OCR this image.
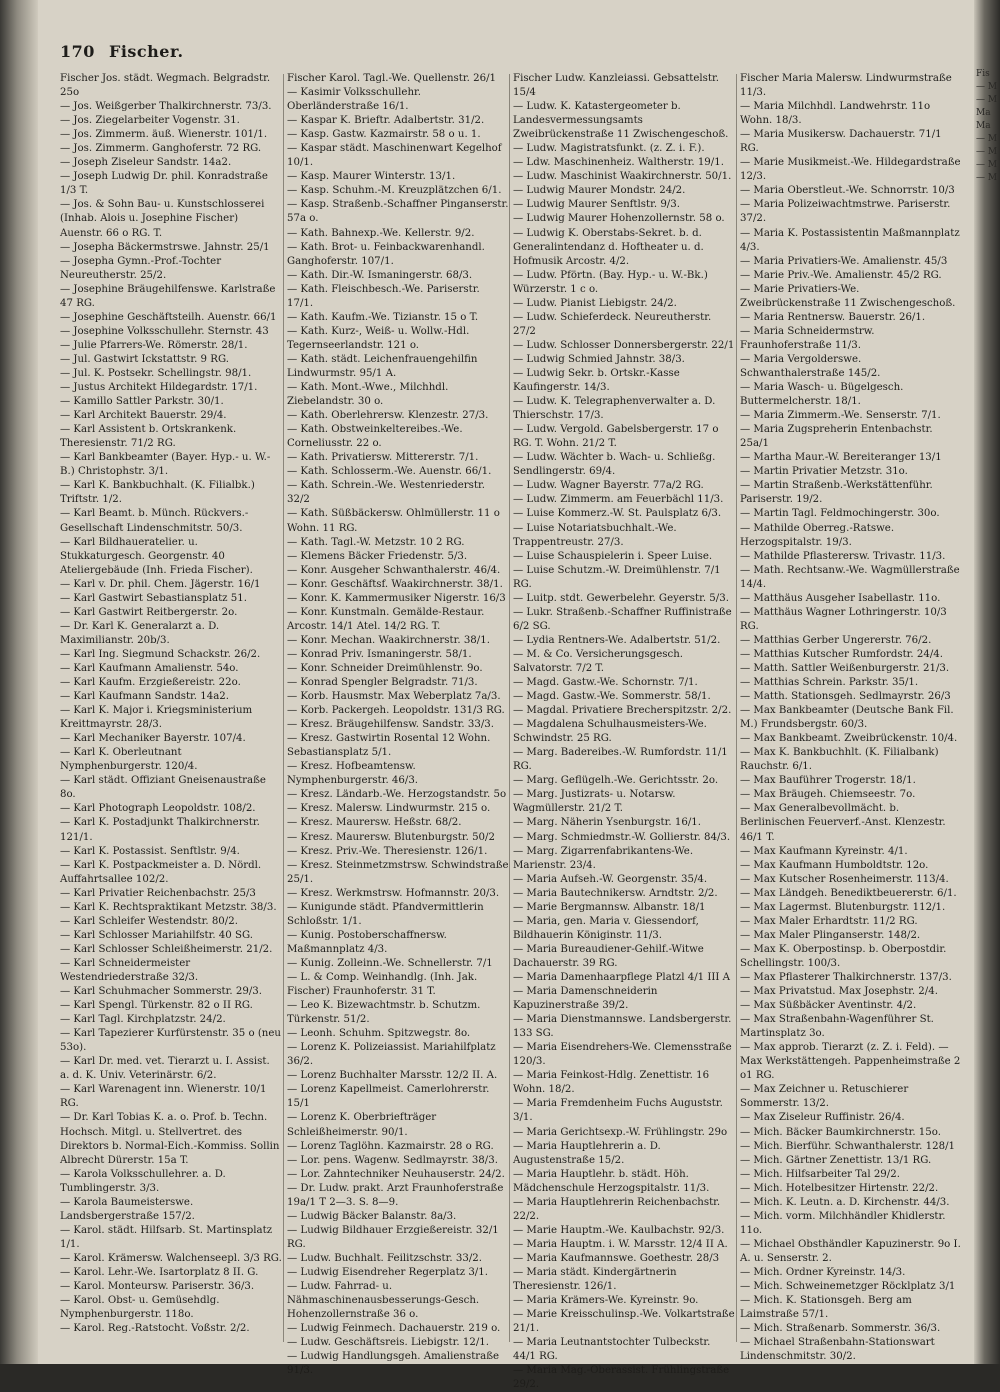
Fis
— M
— M
Ma
Ma
— M
— M
— M
— M
170 Fischer.

Fischer Jos. städt. Wegmach. Belgradstr. 25o

— Jos. Weißgerber Thalkirchnerstr. 73/3.

— Jos. Ziegelarbeiter Vogenstr. 31.

— Jos. Zimmerm. äuß. Wienerstr. 101/1.

— Jos. Zimmerm. Ganghoferstr. 72 RG.

— Joseph Ziseleur Sandstr. 14a2.

— Joseph Ludwig Dr. phil. Konradstraße 1/3 T.

— Jos. & Sohn Bau- u. Kunstschlosserei (Inhab. Alois u. Josephine Fischer) Auenstr. 66 o RG. T.

— Josepha Bäckermstrswe. Jahnstr. 25/1

— Josepha Gymn.-Prof.-Tochter Neureutherstr. 25/2.

— Josephine Bräugehilfenswe. Karlstraße 47 RG.

— Josephine Geschäftsteilh. Auenstr. 66/1

— Josephine Volksschullehr. Sternstr. 43

— Julie Pfarrers-We. Römerstr. 28/1.

— Jul. Gastwirt Ickstattstr. 9 RG.

— Jul. K. Postsekr. Schellingstr. 98/1.

— Justus Architekt Hildegardstr. 17/1.

— Kamillo Sattler Parkstr. 30/1.

— Karl Architekt Bauerstr. 29/4.

— Karl Assistent b. Ortskrankenk. Theresienstr. 71/2 RG.

— Karl Bankbeamter (Bayer. Hyp.- u. W.-B.) Christophstr. 3/1.

— Karl K. Bankbuchhalt. (K. Filialbk.) Triftstr. 1/2.

— Karl Beamt. b. Münch. Rückvers.-Gesellschaft Lindenschmitstr. 50/3.

— Karl Bildhaueratelier. u. Stukkaturgesch. Georgenstr. 40 Ateliergebäude (Inh. Frieda Fischer).

— Karl v. Dr. phil. Chem. Jägerstr. 16/1

— Karl Gastwirt Sebastiansplatz 51.

— Karl Gastwirt Reitbergerstr. 2o.

— Dr. Karl K. Generalarzt a. D. Maximilianstr. 20b/3.

— Karl Ing. Siegmund Schackstr. 26/2.

— Karl Kaufmann Amalienstr. 54o.

— Karl Kaufm. Erzgießereistr. 22o.

— Karl Kaufmann Sandstr. 14a2.

— Karl K. Major i. Kriegsministerium Kreittmayrstr. 28/3.

— Karl Mechaniker Bayerstr. 107/4.

— Karl K. Oberleutnant Nymphenburgerstr. 120/4.

— Karl städt. Offiziant Gneisenaustraße 8o.

— Karl Photograph Leopoldstr. 108/2.

— Karl K. Postadjunkt Thalkirchnerstr. 121/1.

— Karl K. Postassist. Senftlstr. 9/4.

— Karl K. Postpackmeister a. D. Nördl. Auffahrtsallee 102/2.

— Karl Privatier Reichenbachstr. 25/3

— Karl K. Rechtspraktikant Metzstr. 38/3.

— Karl Schleifer Westendstr. 80/2.

— Karl Schlosser Mariahilfstr. 40 SG.

— Karl Schlosser Schleißheimerstr. 21/2.

— Karl Schneidermeister Westendriederstraße 32/3.

— Karl Schuhmacher Sommerstr. 29/3.

— Karl Spengl. Türkenstr. 82 o II RG.

— Karl Tagl. Kirchplatzstr. 24/2.

— Karl Tapezierer Kurfürstenstr. 35 o (neu 53o).

— Karl Dr. med. vet. Tierarzt u. I. Assist. a. d. K. Univ. Veterinärstr. 6/2.

— Karl Warenagent inn. Wienerstr. 10/1 RG.

— Dr. Karl Tobias K. a. o. Prof. b. Techn. Hochsch. Mitgl. u. Stellvertret. des Direktors b. Normal-Eich.-Kommiss. Sollin Albrecht Dürerstr. 15a T.

— Karola Volksschullehrer. a. D. Tumblingerstr. 3/3.

— Karola Baumeisterswe. Landsbergerstraße 157/2.

— Karol. städt. Hilfsarb. St. Martinsplatz 1/1.

— Karol. Krämersw. Walchenseepl. 3/3 RG.

— Karol. Lehr.-We. Isartorplatz 8 II. G.

— Karol. Monteursw. Pariserstr. 36/3.

— Karol. Obst- u. Gemüsehdlg. Nymphenburgerstr. 118o.

— Karol. Reg.-Ratstocht. Voßstr. 2/2.

Fischer Karol. Tagl.-We. Quellenstr. 26/1

— Kasimir Volksschullehr. Oberländerstraße 16/1.

— Kaspar K. Brieftr. Adalbertstr. 31/2.

— Kasp. Gastw. Kazmairstr. 58 o u. 1.

— Kaspar städt. Maschinenwart Kegelhof 10/1.

— Kasp. Maurer Winterstr. 13/1.

— Kasp. Schuhm.-M. Kreuzplätzchen 6/1.

— Kasp. Straßenb.-Schaffner Pinganserstr. 57a o.

— Kath. Bahnexp.-We. Kellerstr. 9/2.

— Kath. Brot- u. Feinbackwarenhandl. Ganghoferstr. 107/1.

— Kath. Dir.-W. Ismaningerstr. 68/3.

— Kath. Fleischbesch.-We. Pariserstr. 17/1.

— Kath. Kaufm.-We. Tizianstr. 15 o T.

— Kath. Kurz-, Weiß- u. Wollw.-Hdl. Tegernseerlandstr. 121 o.

— Kath. städt. Leichenfrauengehilfin Lindwurmstr. 95/1 A.

— Kath. Mont.-Wwe., Milchhdl. Ziebelandstr. 30 o.

— Kath. Oberlehrersw. Klenzestr. 27/3.

— Kath. Obstweinkeltereibes.-We. Corneliusstr. 22 o.

— Kath. Privatiersw. Mittererstr. 7/1.

— Kath. Schlosserm.-We. Auenstr. 66/1.

— Kath. Schrein.-We. Westenriederstr. 32/2

— Kath. Süßbäckersw. Ohlmüllerstr. 11 o Wohn. 11 RG.

— Kath. Tagl.-W. Metzstr. 10 2 RG.

— Klemens Bäcker Friedenstr. 5/3.

— Konr. Ausgeher Schwanthalerstr. 46/4.

— Konr. Geschäftsf. Waakirchnerstr. 38/1.

— Konr. K. Kammermusiker Nigerstr. 16/3

— Konr. Kunstmaln. Gemälde-Restaur. Arcostr. 14/1 Atel. 14/2 RG. T.

— Konr. Mechan. Waakirchnerstr. 38/1.

— Konrad Priv. Ismaningerstr. 58/1.

— Konr. Schneider Dreimühlenstr. 9o.

— Konrad Spengler Belgradstr. 71/3.

— Korb. Hausmstr. Max Weberplatz 7a/3.

— Korb. Packergeh. Leopoldstr. 131/3 RG.

— Kresz. Bräugehilfensw. Sandstr. 33/3.

— Kresz. Gastwirtin Rosental 12 Wohn. Sebastiansplatz 5/1.

— Kresz. Hofbeamtensw. Nymphenburgerstr. 46/3.

— Kresz. Ländarb.-We. Herzogstandstr. 5o

— Kresz. Malersw. Lindwurmstr. 215 o.

— Kresz. Maurersw. Heßstr. 68/2.

— Kresz. Maurersw. Blutenburgstr. 50/2

— Kresz. Priv.-We. Theresienstr. 126/1.

— Kresz. Steinmetzmstrsw. Schwindstraße 25/1.

— Kresz. Werkmstrsw. Hofmannstr. 20/3.

— Kunigunde städt. Pfandvermittlerin Schloßstr. 1/1.

— Kunig. Postoberschaffnersw. Maßmannplatz 4/3.

— Kunig. Zolleinn.-We. Schnellerstr. 7/1

— L. & Comp. Weinhandlg. (Inh. Jak. Fischer) Fraunhoferstr. 31 T.

— Leo K. Bizewachtmstr. b. Schutzm. Türkenstr. 51/2.

— Leonh. Schuhm. Spitzwegstr. 8o.

— Lorenz K. Polizeiassist. Mariahilfplatz 36/2.

— Lorenz Buchhalter Marsstr. 12/2 II. A.

— Lorenz Kapellmeist. Camerlohrerstr. 15/1

— Lorenz K. Oberbriefträger Schleißheimerstr. 90/1.

— Lorenz Taglöhn. Kazmairstr. 28 o RG.

— Lor. pens. Wagenw. Sedlmayrstr. 38/3.

— Lor. Zahntechniker Neuhauserstr. 24/2.

— Dr. Ludw. prakt. Arzt Fraunhoferstraße 19a/1 T 2—3. S. 8—9.

— Ludwig Bäcker Balanstr. 8a/3.

— Ludwig Bildhauer Erzgießereistr. 32/1 RG.

— Ludw. Buchhalt. Feilitzschstr. 33/2.

— Ludwig Eisendreher Regerplatz 3/1.

— Ludw. Fahrrad- u. Nähmaschinenausbesserungs-Gesch. Hohenzollernstraße 36 o.

— Ludwig Feinmech. Dachauerstr. 219 o.

— Ludw. Geschäftsreis. Liebigstr. 12/1.

— Ludwig Handlungsgeh. Amalienstraße 91/3.

Fischer Ludw. Kanzleiassi. Gebsattelstr. 15/4

— Ludw. K. Katastergeometer b. Landesvermessungsamts Zweibrückenstraße 11 Zwischengeschoß.

— Ludw. Magistratsfunkt. (z. Z. i. F.).

— Ldw. Maschinenheiz. Waltherstr. 19/1.

— Ludw. Maschinist Waakirchnerstr. 50/1.

— Ludwig Maurer Mondstr. 24/2.

— Ludwig Maurer Senftlstr. 9/3.

— Ludwig Maurer Hohenzollernstr. 58 o.

— Ludwig K. Oberstabs-Sekret. b. d. Generalintendanz d. Hoftheater u. d. Hofmusik Arcostr. 4/2.

— Ludw. Pförtn. (Bay. Hyp.- u. W.-Bk.) Würzerstr. 1 c o.

— Ludw. Pianist Liebigstr. 24/2.

— Ludw. Schieferdeck. Neureutherstr. 27/2

— Ludw. Schlosser Donnersbergerstr. 22/1

— Ludwig Schmied Jahnstr. 38/3.

— Ludwig Sekr. b. Ortskr.-Kasse Kaufingerstr. 14/3.

— Ludw. K. Telegraphenverwalter a. D. Thierschstr. 17/3.

— Ludw. Vergold. Gabelsbergerstr. 17 o RG. T. Wohn. 21/2 T.

— Ludw. Wächter b. Wach- u. Schließg. Sendlingerstr. 69/4.

— Ludw. Wagner Bayerstr. 77a/2 RG.

— Ludw. Zimmerm. am Feuerbächl 11/3.

— Luise Kommerz.-W. St. Paulsplatz 6/3.

— Luise Notariatsbuchhalt.-We. Trappentreustr. 27/3.

— Luise Schauspielerin i. Speer Luise.

— Luise Schutzm.-W. Dreimühlenstr. 7/1 RG.

— Luitp. stdt. Gewerbelehr. Geyerstr. 5/3.

— Lukr. Straßenb.-Schaffner Ruffinistraße 6/2 SG.

— Lydia Rentners-We. Adalbertstr. 51/2.

— M. & Co. Versicherungsgesch. Salvatorstr. 7/2 T.

— Magd. Gastw.-We. Schornstr. 7/1.

— Magd. Gastw.-We. Sommerstr. 58/1.

— Magdal. Privatiere Brecherspitzstr. 2/2.

— Magdalena Schulhausmeisters-We. Schwindstr. 25 RG.

— Marg. Badereibes.-W. Rumfordstr. 11/1 RG.

— Marg. Geflügelh.-We. Gerichtsstr. 2o.

— Marg. Justizrats- u. Notarsw. Wagmüllerstr. 21/2 T.

— Marg. Näherin Ysenburgstr. 16/1.

— Marg. Schmiedmstr.-W. Gollierstr. 84/3.

— Marg. Zigarrenfabrikantens-We. Marienstr. 23/4.

— Maria Aufseh.-W. Georgenstr. 35/4.

— Maria Bautechnikersw. Arndtstr. 2/2.

— Marie Bergmannsw. Albanstr. 18/1

— Maria, gen. Maria v. Giessendorf, Bildhauerin Königinstr. 11/3.

— Maria Bureaudiener-Gehilf.-Witwe Dachauerstr. 39 RG.

— Maria Damenhaarpflege Platzl 4/1 III A

— Maria Damenschneiderin Kapuzinerstraße 39/2.

— Maria Dienstmannswe. Landsbergerstr. 133 SG.

— Maria Eisendrehers-We. Clemensstraße 120/3.

— Maria Feinkost-Hdlg. Zenettistr. 16 Wohn. 18/2.

— Maria Fremdenheim Fuchs Auguststr. 3/1.

— Maria Gerichtsexp.-W. Frühlingstr. 29o

— Maria Hauptlehrerin a. D. Augustenstraße 15/2.

— Maria Hauptlehr. b. städt. Höh. Mädchenschule Herzogspitalstr. 11/3.

— Maria Hauptlehrerin Reichenbachstr. 22/2.

— Marie Hauptm.-We. Kaulbachstr. 92/3.

— Maria Hauptm. i. W. Marsstr. 12/4 II A.

— Maria Kaufmannswe. Goethestr. 28/3

— Maria städt. Kindergärtnerin Theresienstr. 126/1.

— Maria Krämers-We. Kyreinstr. 9o.

— Marie Kreisschulinsp.-We. Volkartstraße 21/1.

— Maria Leutnantstochter Tulbeckstr. 44/1 RG.

— Maria Mag.-Oberassist. Frühlingstraße 29/2.

Fischer Maria Malersw. Lindwurmstraße 11/3.

— Maria Milchhdl. Landwehrstr. 11o Wohn. 18/3.

— Maria Musikersw. Dachauerstr. 71/1 RG.

— Marie Musikmeist.-We. Hildegardstraße 12/3.

— Maria Oberstleut.-We. Schnorrstr. 10/3

— Maria Polizeiwachtmstrwe. Pariserstr. 37/2.

— Maria K. Postassistentin Maßmannplatz 4/3.

— Maria Privatiers-We. Amalienstr. 45/3

— Marie Priv.-We. Amalienstr. 45/2 RG.

— Marie Privatiers-We. Zweibrückenstraße 11 Zwischengeschoß.

— Maria Rentnersw. Bauerstr. 26/1.

— Maria Schneidermstrw. Fraunhoferstraße 11/3.

— Maria Vergolderswe. Schwanthalerstraße 145/2.

— Maria Wasch- u. Bügelgesch. Buttermelcherstr. 18/1.

— Maria Zimmerm.-We. Senserstr. 7/1.

— Maria Zugspreherin Entenbachstr. 25a/1

— Martha Maur.-W. Bereiteranger 13/1

— Martin Privatier Metzstr. 31o.

— Martin Straßenb.-Werkstättenführ. Pariserstr. 19/2.

— Martin Tagl. Feldmochingerstr. 30o.

— Mathilde Oberreg.-Ratswe. Herzogspitalstr. 19/3.

— Mathilde Pflasterersw. Trivastr. 11/3.

— Math. Rechtsanw.-We. Wagmüllerstraße 14/4.

— Matthäus Ausgeher Isabellastr. 11o.

— Matthäus Wagner Lothringerstr. 10/3 RG.

— Matthias Gerber Ungererstr. 76/2.

— Matthias Kutscher Rumfordstr. 24/4.

— Matth. Sattler Weißenburgerstr. 21/3.

— Matthias Schrein. Parkstr. 35/1.

— Matth. Stationsgeh. Sedlmayrstr. 26/3

— Max Bankbeamter (Deutsche Bank Fil. M.) Frundsbergstr. 60/3.

— Max Bankbeamt. Zweibrückenstr. 10/4.

— Max K. Bankbuchhlt. (K. Filialbank) Rauchstr. 6/1.

— Max Bauführer Trogerstr. 18/1.

— Max Bräugeh. Chiemseestr. 7o.

— Max Generalbevollmächt. b. Berlinischen Feuerverf.-Anst. Klenzestr. 46/1 T.

— Max Kaufmann Kyreinstr. 4/1.

— Max Kaufmann Humboldtstr. 12o.

— Max Kutscher Rosenheimerstr. 113/4.

— Max Ländgeh. Benediktbeuererstr. 6/1.

— Max Lagermst. Blutenburgstr. 112/1.

— Max Maler Erhardtstr. 11/2 RG.

— Max Maler Plinganserstr. 148/2.

— Max K. Oberpostinsp. b. Oberpostdir. Schellingstr. 100/3.

— Max Pflasterer Thalkirchnerstr. 137/3.

— Max Privatstud. Max Josephstr. 2/4.

— Max Süßbäcker Aventinstr. 4/2.

— Max Straßenbahn-Wagenführer St. Martinsplatz 3o.

— Max approb. Tierarzt (z. Z. i. Feld). — Max Werkstättengeh. Pappenheimstraße 2 o1 RG.

— Max Zeichner u. Retuschierer Sommerstr. 13/2.

— Max Ziseleur Ruffinistr. 26/4.

— Mich. Bäcker Baumkirchnerstr. 15o.

— Mich. Bierführ. Schwanthalerstr. 128/1

— Mich. Gärtner Zenettistr. 13/1 RG.

— Mich. Hilfsarbeiter Tal 29/2.

— Mich. Hotelbesitzer Hirtenstr. 22/2.

— Mich. K. Leutn. a. D. Kirchenstr. 44/3.

— Mich. vorm. Milchhändler Khidlerstr. 11o.

— Michael Obsthändler Kapuzinerstr. 9o I. A. u. Senserstr. 2.

— Mich. Ordner Kyreinstr. 14/3.

— Mich. Schweinemetzger Röcklplatz 3/1

— Mich. K. Stationsgeh. Berg am Laimstraße 57/1.

— Mich. Straßenarb. Sommerstr. 36/3.

— Michael Straßenbahn-Stationswart Lindenschmitstr. 30/2.
